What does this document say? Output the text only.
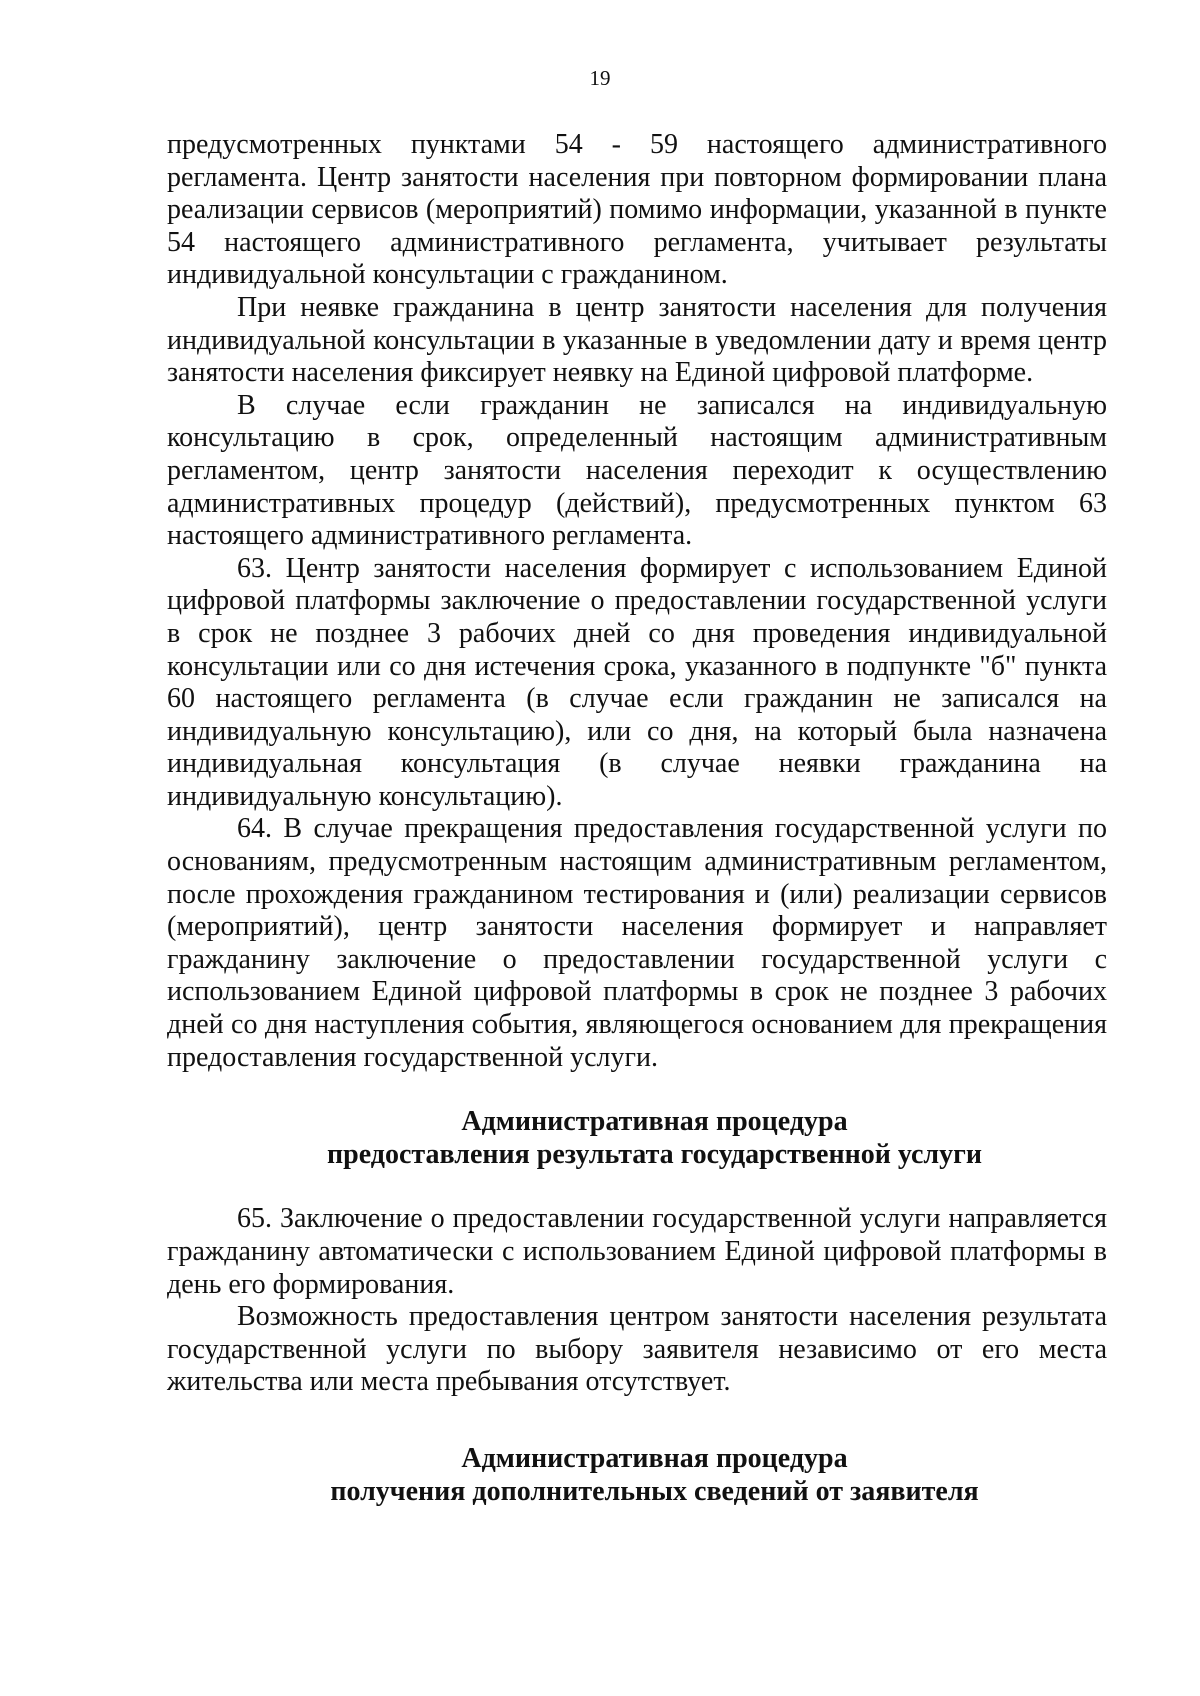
19

предусмотренных пунктами 54 - 59 настоящего административного регламента. Центр занятости населения при повторном формировании плана реализации сервисов (мероприятий) помимо информации, указанной в пункте 54 настоящего административного регламента, учитывает результаты индивидуальной консультации с гражданином.

При неявке гражданина в центр занятости населения для получения индивидуальной консультации в указанные в уведомлении дату и время центр занятости населения фиксирует неявку на Единой цифровой платформе.

В случае если гражданин не записался на индивидуальную консультацию в срок, определенный настоящим административным регламентом, центр занятости населения переходит к осуществлению административных процедур (действий), предусмотренных пунктом 63 настоящего административного регламента.

63. Центр занятости населения формирует с использованием Единой цифровой платформы заключение о предоставлении государственной услуги в срок не позднее 3 рабочих дней со дня проведения индивидуальной консультации или со дня истечения срока, указанного в подпункте "б" пункта 60 настоящего регламента (в случае если гражданин не записался на индивидуальную консультацию), или со дня, на который была назначена индивидуальная консультация (в случае неявки гражданина на индивидуальную консультацию).

64. В случае прекращения предоставления государственной услуги по основаниям, предусмотренным настоящим административным регламентом, после прохождения гражданином тестирования и (или) реализации сервисов (мероприятий), центр занятости населения формирует и направляет гражданину заключение о предоставлении государственной услуги с использованием Единой цифровой платформы в срок не позднее 3 рабочих дней со дня наступления события, являющегося основанием для прекращения предоставления государственной услуги.

Административная процедура
предоставления результата государственной услуги

65. Заключение о предоставлении государственной услуги направляется гражданину автоматически с использованием Единой цифровой платформы в день его формирования.

Возможность предоставления центром занятости населения результата государственной услуги по выбору заявителя независимо от его места жительства или места пребывания отсутствует.

Административная процедура
получения дополнительных сведений от заявителя
